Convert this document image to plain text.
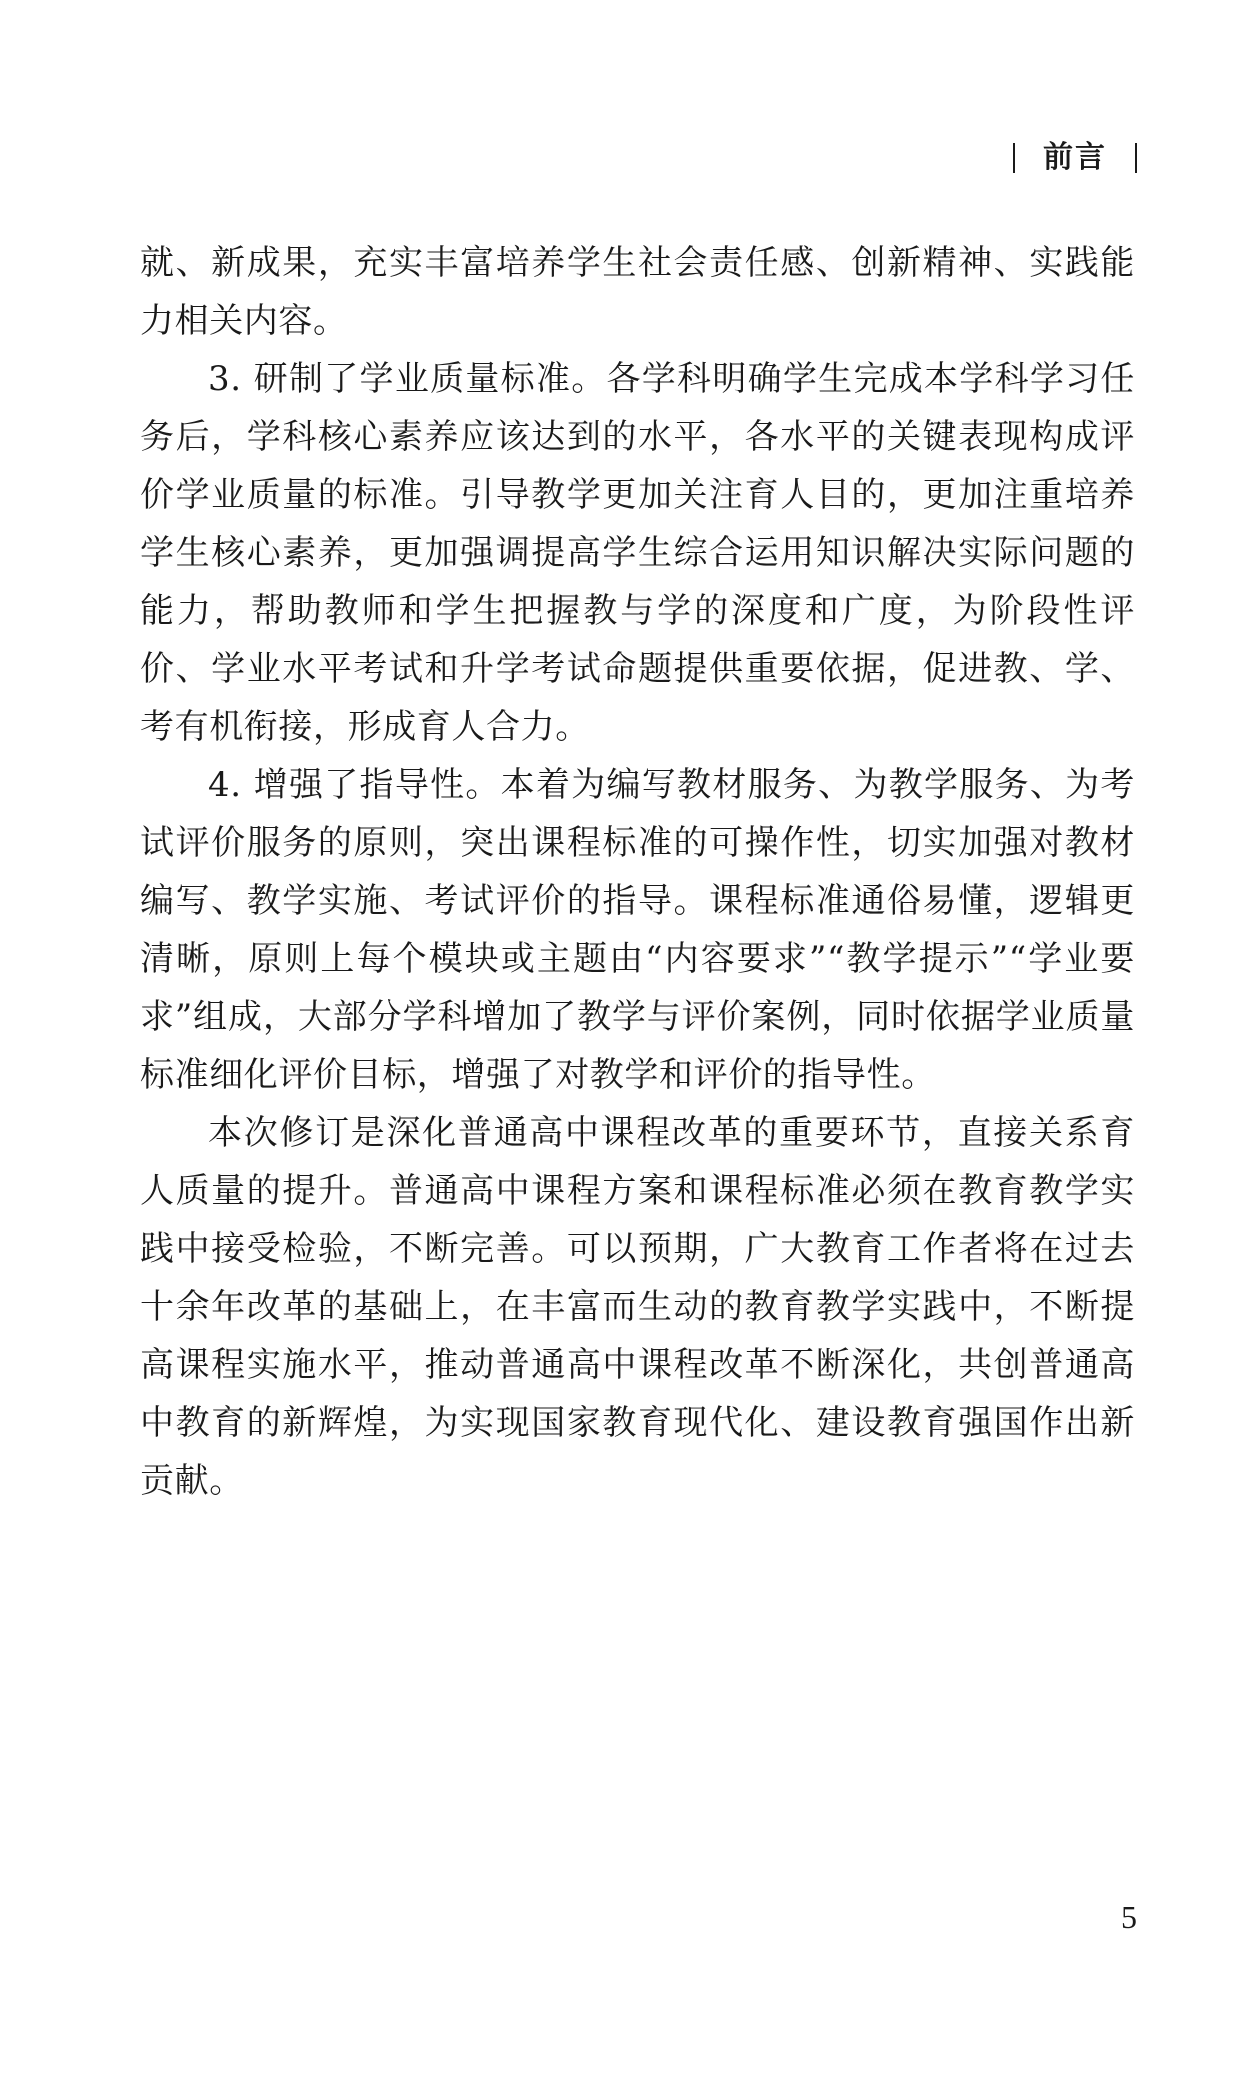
前言

就、新成果，充实丰富培养学生社会责任感、创新精神、实践能力相关内容。

3. 研制了学业质量标准。各学科明确学生完成本学科学习任务后，学科核心素养应该达到的水平，各水平的关键表现构成评价学业质量的标准。引导教学更加关注育人目的，更加注重培养学生核心素养，更加强调提高学生综合运用知识解决实际问题的能力，帮助教师和学生把握教与学的深度和广度，为阶段性评价、学业水平考试和升学考试命题提供重要依据，促进教、学、考有机衔接，形成育人合力。

4. 增强了指导性。本着为编写教材服务、为教学服务、为考试评价服务的原则，突出课程标准的可操作性，切实加强对教材编写、教学实施、考试评价的指导。课程标准通俗易懂，逻辑更清晰，原则上每个模块或主题由“内容要求”“教学提示”“学业要求”组成，大部分学科增加了教学与评价案例，同时依据学业质量标准细化评价目标，增强了对教学和评价的指导性。

本次修订是深化普通高中课程改革的重要环节，直接关系育人质量的提升。普通高中课程方案和课程标准必须在教育教学实践中接受检验，不断完善。可以预期，广大教育工作者将在过去十余年改革的基础上，在丰富而生动的教育教学实践中，不断提高课程实施水平，推动普通高中课程改革不断深化，共创普通高中教育的新辉煌，为实现国家教育现代化、建设教育强国作出新贡献。

5
